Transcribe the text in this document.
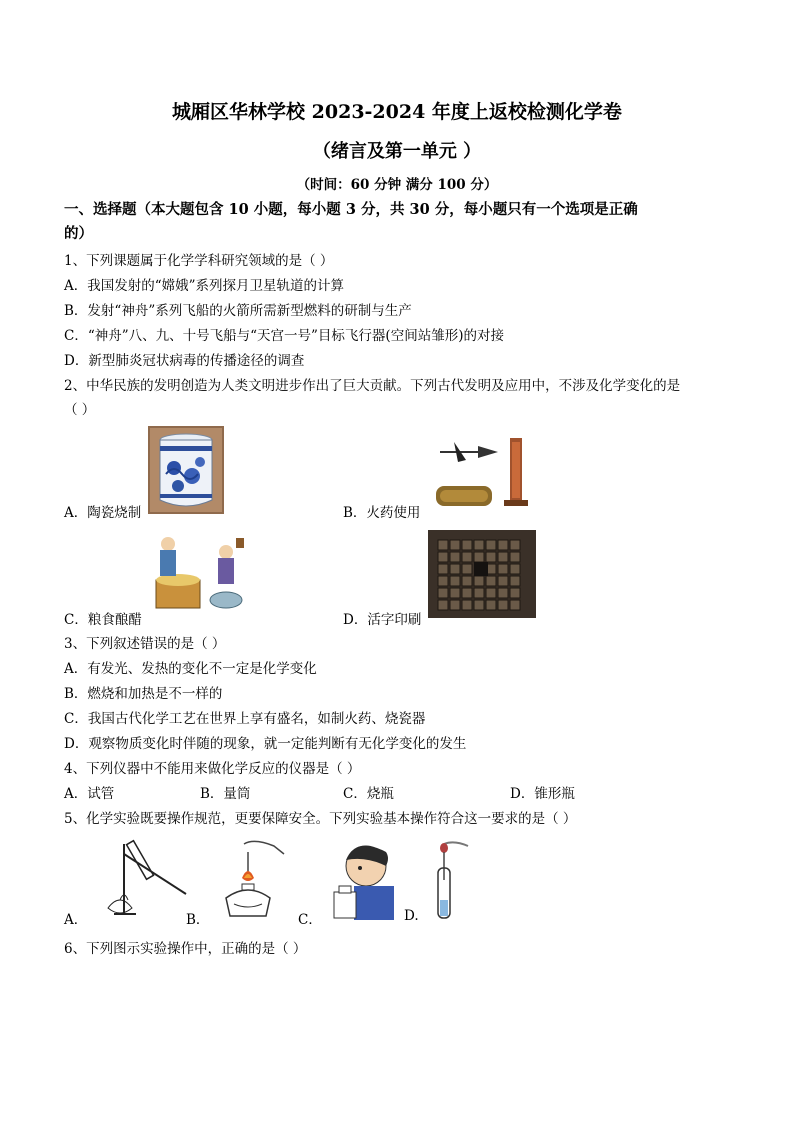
城厢区华林学校 2023-2024 年度上返校检测化学卷
（绪言及第一单元 ）
（时间：60 分钟 满分 100 分）
一、选择题（本大题包含 10 小题，每小题 3 分，共 30 分，每小题只有一个选项是正确
的）
1、下列课题属于化学学科研究领域的是（ ）
A．我国发射的“嫦娥”系列探月卫星轨道的计算
B．发射“神舟”系列飞船的火箭所需新型燃料的研制与生产
C．“神舟”八、九、十号飞船与“天宫一号”目标飞行器(空间站雏形)的对接
D．新型肺炎冠状病毒的传播途径的调查
2、中华民族的发明创造为人类文明进步作出了巨大贡献。下列古代发明及应用中，不涉及化学变化的是
（ ）
A．陶瓷烧制	B．火药使用
C．粮食酿醋	D．活字印刷
3、下列叙述错误的是（ ）
A．有发光、发热的变化不一定是化学变化
B．燃烧和加热是不一样的
C．我国古代化学工艺在世界上享有盛名，如制火药、烧瓷器
D．观察物质变化时伴随的现象，就一定能判断有无化学变化的发生
4、下列仪器中不能用来做化学反应的仪器是（ ）
A．试管	B．量筒	C．烧瓶	D．锥形瓶
5、化学实验既要操作规范，更要保障安全。下列实验基本操作符合这一要求的是（ ）
A．	B．	C．	D.
6、下列图示实验操作中，正确的是（ ）
